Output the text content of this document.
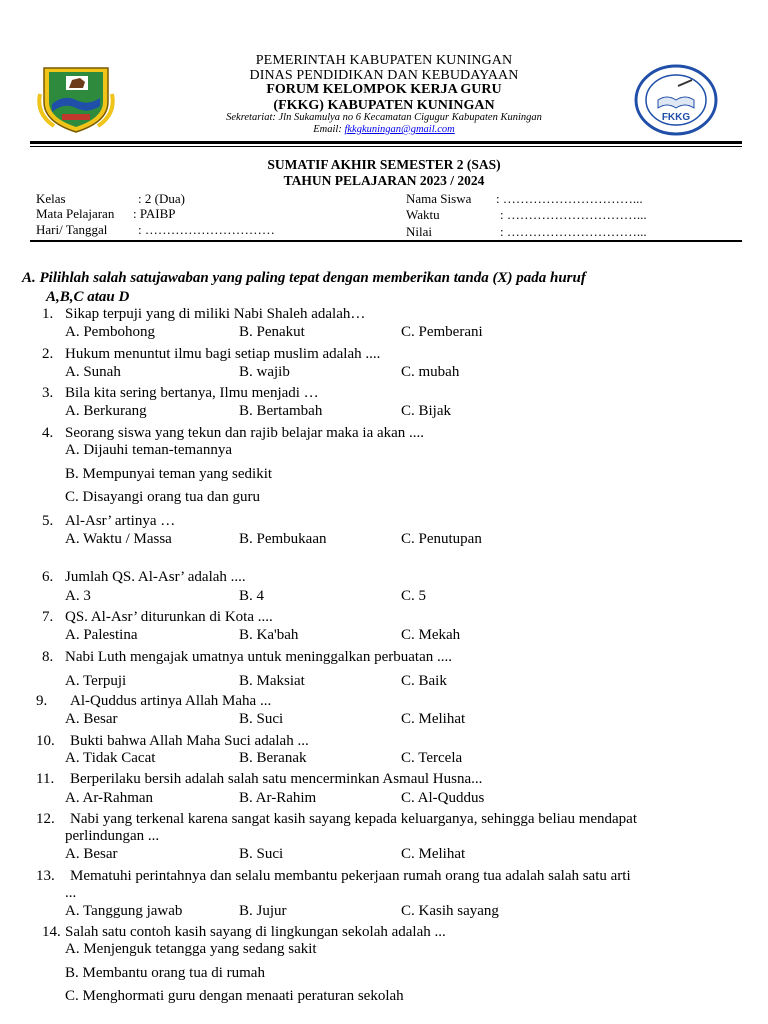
FKKG
PEMERINTAH KABUPATEN KUNINGAN
DINAS PENDIDIKAN DAN KEBUDAYAAN
FORUM KELOMPOK KERJA GURU
(FKKG) KABUPATEN KUNINGAN
Sekretariat: Jln Sukamulya no 6 Kecamatan Cigugur Kabupaten Kuningan
Email: fkkgkuningan@gmail.com
SUMATIF AKHIR SEMESTER 2 (SAS)
TAHUN PELAJARAN 2023 / 2024
Kelas	: 2 (Dua)
Mata Pelajaran : PAIBP
Hari/ Tanggal : …………………………
Nama Siswa : …………………………...
Waktu	: …………………………...
Nilai	: …………………………...
A. Pilihlah salah satujawaban yang paling tepat dengan memberikan tanda (X) pada huruf
A,B,C atau D
1. Sikap terpuji yang di miliki Nabi Shaleh adalah…
A. Pembohong	B. Penakut	C. Pemberani
2. Hukum menuntut ilmu bagi setiap muslim adalah ....
A. Sunah	B. wajib	C. mubah
3. Bila kita sering bertanya, Ilmu menjadi …
A. Berkurang	B. Bertambah	C. Bijak
4. Seorang siswa yang tekun dan rajib belajar maka ia akan ....
A. Dijauhi teman-temannya
B. Mempunyai teman yang sedikit
C. Disayangi orang tua dan guru
5. Al-Asr’ artinya …
A. Waktu / Massa	B. Pembukaan	C. Penutupan
6. Jumlah QS. Al-Asr’ adalah ....
A. 3	B. 4	C. 5
7. QS. Al-Asr’ diturunkan di Kota ....
A. Palestina	B. Ka'bah	C. Mekah
8. Nabi Luth mengajak umatnya untuk meninggalkan perbuatan ....
A. Terpuji	B. Maksiat	C. Baik
9. Al-Quddus artinya Allah Maha ...
A. Besar	B. Suci	C. Melihat
10. Bukti bahwa Allah Maha Suci adalah ...
A. Tidak Cacat	B. Beranak	C. Tercela
11. Berperilaku bersih adalah salah satu mencerminkan Asmaul Husna...
A. Ar-Rahman	B. Ar-Rahim	C. Al-Quddus
12. Nabi yang terkenal karena sangat kasih sayang kepada keluarganya, sehingga beliau mendapat
perlindungan ...
A. Besar	B. Suci	C. Melihat
13. Mematuhi perintahnya dan selalu membantu pekerjaan rumah orang tua adalah salah satu arti
...
A. Tanggung jawab	B. Jujur	C. Kasih sayang
14. Salah satu contoh kasih sayang di lingkungan sekolah adalah ...
A. Menjenguk tetangga yang sedang sakit
B. Membantu orang tua di rumah
C. Menghormati guru dengan menaati peraturan sekolah
